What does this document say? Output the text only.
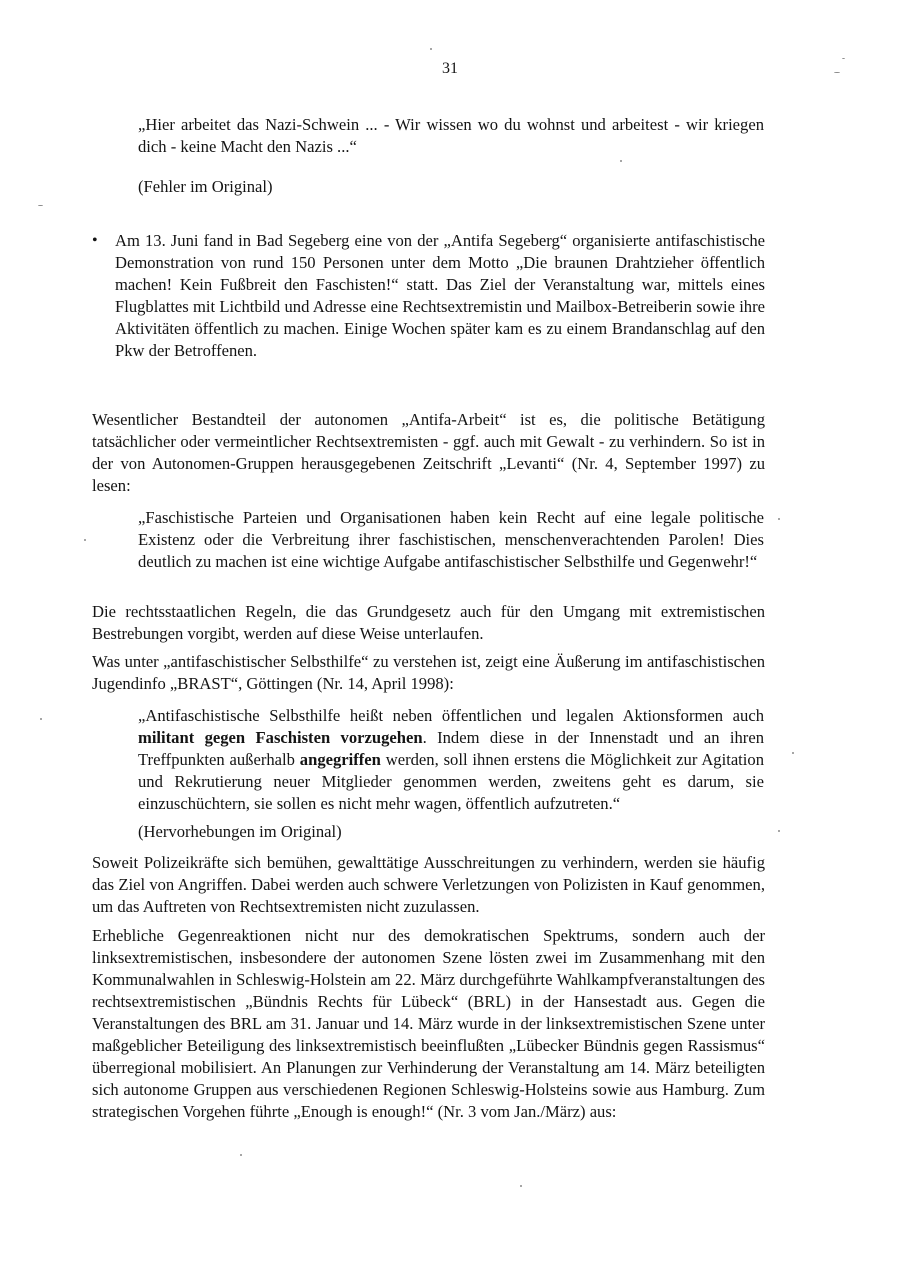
31
„Hier arbeitet das Nazi-Schwein ... - Wir wissen wo du wohnst und arbeitest - wir kriegen dich - keine Macht den Nazis ...“
(Fehler im Original)
•	Am 13. Juni fand in Bad Segeberg eine von der „Antifa Segeberg“ organisierte antifaschistische Demonstration von rund 150 Personen unter dem Motto „Die braunen Drahtzieher öffentlich machen! Kein Fußbreit den Faschisten!“ statt. Das Ziel der Veranstaltung war, mittels eines Flugblattes mit Lichtbild und Adresse eine Rechtsextremistin und Mailbox-Betreiberin sowie ihre Aktivitäten öffentlich zu machen. Einige Wochen später kam es zu einem Brandanschlag auf den Pkw der Betroffenen.
Wesentlicher Bestandteil der autonomen „Antifa-Arbeit“ ist es, die politische Betätigung tatsächlicher oder vermeintlicher Rechtsextremisten - ggf. auch mit Gewalt - zu verhindern. So ist in der von Autonomen-Gruppen herausgegebenen Zeitschrift „Levanti“ (Nr. 4, September 1997) zu lesen:
„Faschistische Parteien und Organisationen haben kein Recht auf eine legale politische Existenz oder die Verbreitung ihrer faschistischen, menschenverachtenden Parolen! Dies deutlich zu machen ist eine wichtige Aufgabe antifaschistischer Selbsthilfe und Gegenwehr!“
Die rechtsstaatlichen Regeln, die das Grundgesetz auch für den Umgang mit extremistischen Bestrebungen vorgibt, werden auf diese Weise unterlaufen.
Was unter „antifaschistischer Selbsthilfe“ zu verstehen ist, zeigt eine Äußerung im antifaschistischen Jugendinfo „BRAST“, Göttingen (Nr. 14, April 1998):
„Antifaschistische Selbsthilfe heißt neben öffentlichen und legalen Aktionsformen auch militant gegen Faschisten vorzugehen. Indem diese in der Innenstadt und an ihren Treffpunkten außerhalb angegriffen werden, soll ihnen erstens die Möglichkeit zur Agitation und Rekrutierung neuer Mitglieder genommen werden, zweitens geht es darum, sie einzuschüchtern, sie sollen es nicht mehr wagen, öffentlich aufzutreten.“
(Hervorhebungen im Original)
Soweit Polizeikräfte sich bemühen, gewalttätige Ausschreitungen zu verhindern, werden sie häufig das Ziel von Angriffen. Dabei werden auch schwere Verletzungen von Polizisten in Kauf genommen, um das Auftreten von Rechtsextremisten nicht zuzulassen.
Erhebliche Gegenreaktionen nicht nur des demokratischen Spektrums, sondern auch der linksextremistischen, insbesondere der autonomen Szene lösten zwei im Zusammenhang mit den Kommunalwahlen in Schleswig-Holstein am 22. März durchgeführte Wahlkampfveranstaltungen des rechtsextremistischen „Bündnis Rechts für Lübeck“ (BRL) in der Hansestadt aus. Gegen die Veranstaltungen des BRL am 31. Januar und 14. März wurde in der linksextremistischen Szene unter maßgeblicher Beteiligung des linksextremistisch beeinflußten „Lübecker Bündnis gegen Rassismus“ überregional mobilisiert. An Planungen zur Verhinderung der Veranstaltung am 14. März beteiligten sich autonome Gruppen aus verschiedenen Regionen Schleswig-Holsteins sowie aus Hamburg. Zum strategischen Vorgehen führte „Enough is enough!“ (Nr. 3 vom Jan./März) aus:
